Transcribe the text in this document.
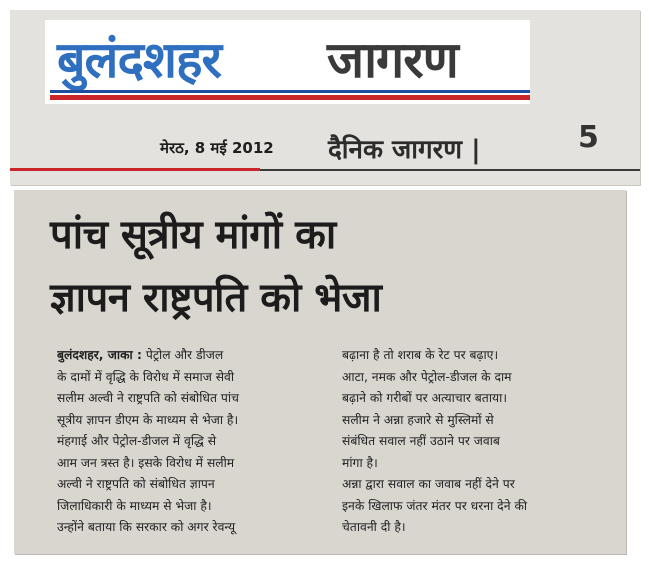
बुलंदशहर जागरण
मेरठ, 8 मई 2012 दैनिक जागरण |	5
पांच सूत्रीय मांगों का
ज्ञापन राष्ट्रपति को भेजा
बुलंदशहर, जाका : पेट्रोल और डीजल
के दामों में वृद्धि के विरोध में समाज सेवी
सलीम अल्वी ने राष्ट्रपति को संबोधित पांच
सूत्रीय ज्ञापन डीएम के माध्यम से भेजा है।
मंहगाई और पेट्रोल-डीजल में वृद्धि से
आम जन त्रस्त है। इसके विरोध में सलीम
अल्वी ने राष्ट्रपति को संबोधित ज्ञापन
जिलाधिकारी के माध्यम से भेजा है।
उन्होंने बताया कि सरकार को अगर रेवन्यू
बढ़ाना है तो शराब के रेट पर बढ़ाए।
आटा, नमक और पेट्रोल-डीजल के दाम
बढ़ाने को गरीबों पर अत्याचार बताया।
सलीम ने अन्ना हजारे से मुस्लिमों से
संबंधित सवाल नहीं उठाने पर जवाब
मांगा है।
अन्ना द्वारा सवाल का जवाब नहीं देने पर
इनके खिलाफ जंतर मंतर पर धरना देने की
चेतावनी दी है।
